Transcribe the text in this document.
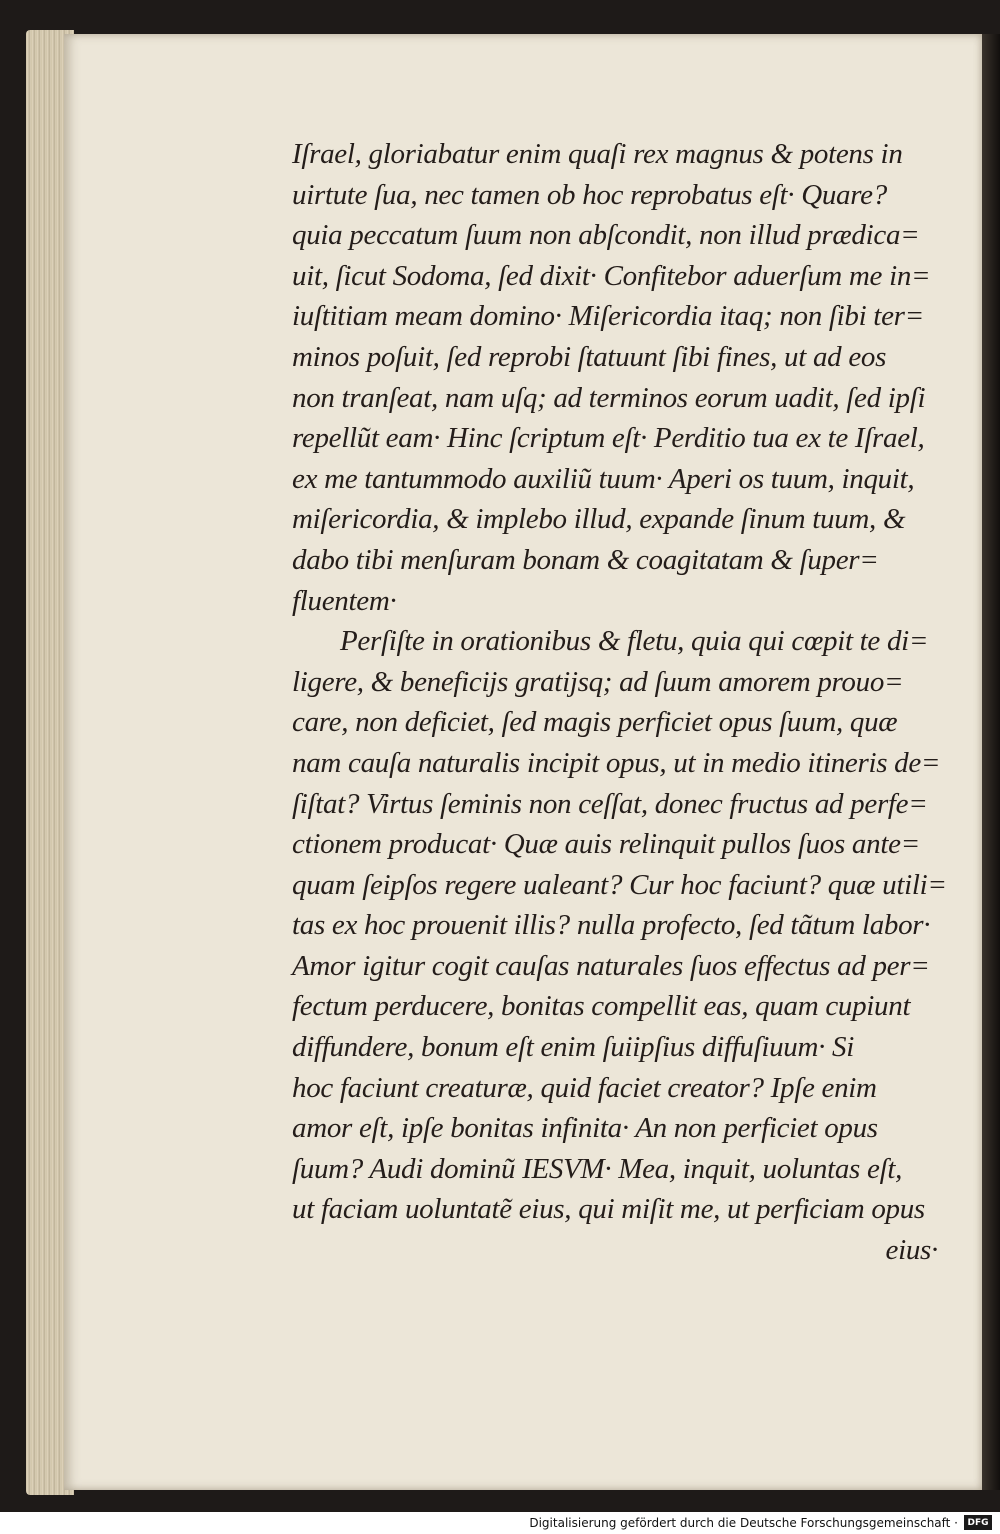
Iſrael, gloriabatur enim quaſi rex magnus & potens in
uirtute ſua, nec tamen ob hoc reprobatus eſt· Quare?
quia peccatum ſuum non abſcondit, non illud prædica=
uit, ſicut Sodoma, ſed dixit· Confitebor aduerſum me in=
iuſtitiam meam domino· Miſericordia itaq; non ſibi ter=
minos poſuit, ſed reprobi ſtatuunt ſibi fines, ut ad eos
non tranſeat, nam uſq; ad terminos eorum uadit, ſed ipſi
repellũt eam· Hinc ſcriptum eſt· Perditio tua ex te Iſrael,
ex me tantummodo auxiliũ tuum· Aperi os tuum, inquit,
miſericordia, & implebo illud, expande ſinum tuum, &
dabo tibi menſuram bonam & coagitatam & ſuper=
fluentem·
Perſiſte in orationibus & fletu, quia qui cœpit te di=
ligere, & beneficijs gratijsq; ad ſuum amorem prouo=
care, non deficiet, ſed magis perficiet opus ſuum, quæ
nam cauſa naturalis incipit opus, ut in medio itineris de=
ſiſtat? Virtus ſeminis non ceſſat, donec fructus ad perfe=
ctionem producat· Quæ auis relinquit pullos ſuos ante=
quam ſeipſos regere ualeant? Cur hoc faciunt? quæ utili=
tas ex hoc prouenit illis? nulla profecto, ſed tãtum labor·
Amor igitur cogit cauſas naturales ſuos effectus ad per=
fectum perducere, bonitas compellit eas, quam cupiunt
diffundere, bonum eſt enim ſuiipſius diffuſiuum· Si
hoc faciunt creaturæ, quid faciet creator? Ipſe enim
amor eſt, ipſe bonitas infinita· An non perficiet opus
ſuum? Audi dominũ IESVM· Mea, inquit, uoluntas eſt,
ut faciam uoluntatẽ eius, qui miſit me, ut perficiam opus
eius·
Digitalisierung gefördert durch die Deutsche Forschungsgemeinschaft ·	DFG
